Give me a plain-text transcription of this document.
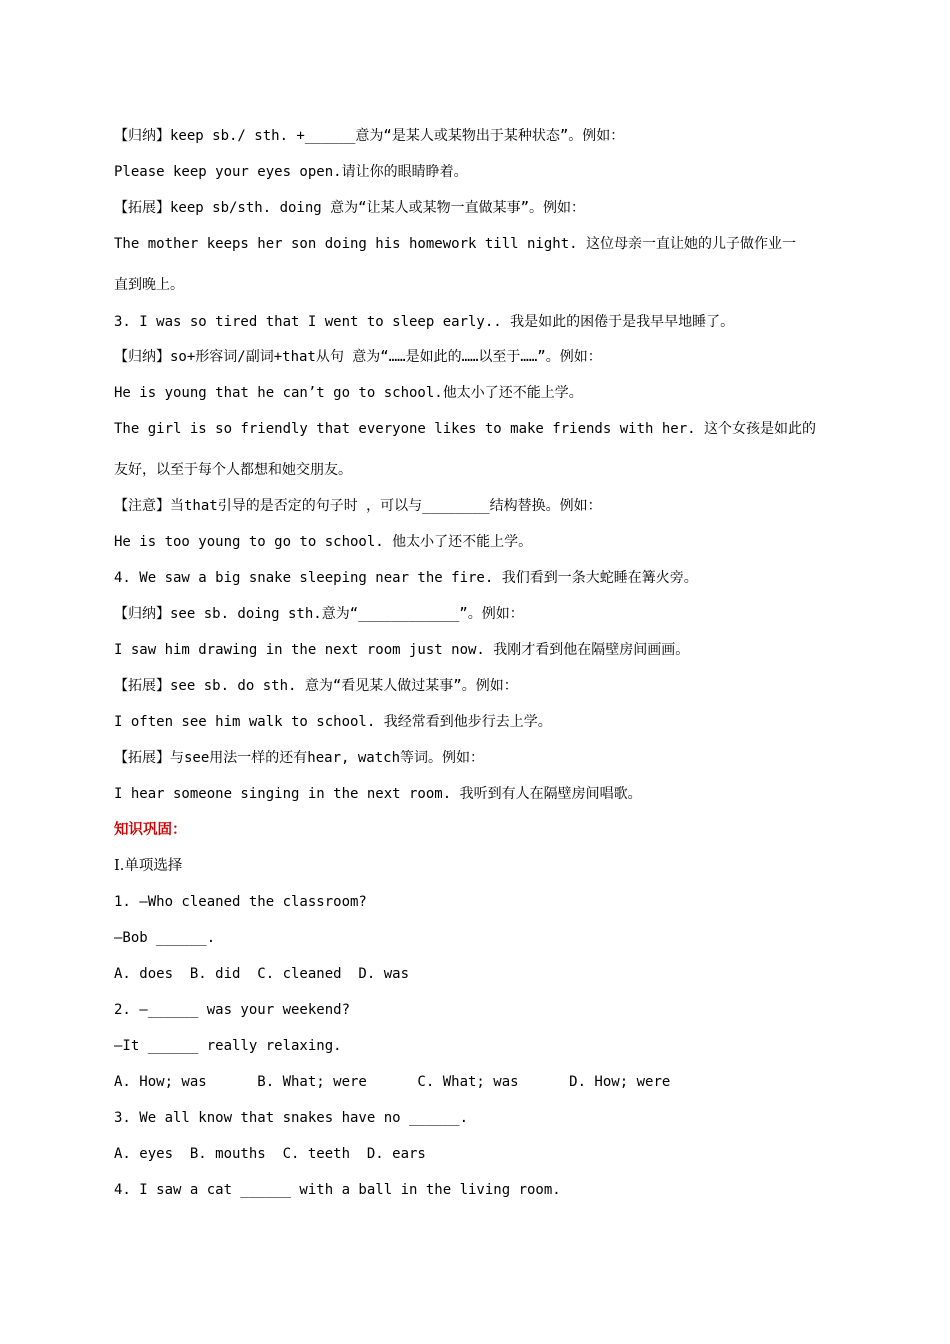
【归纳】keep sb./ sth. +______意为“是某人或某物出于某种状态”。例如：
Please keep your eyes open.请让你的眼睛睁着。
【拓展】keep sb/sth. doing 意为“让某人或某物一直做某事”。例如：
The mother keeps her son doing his homework till night. 这位母亲一直让她的儿子做作业一
直到晚上。
3. I was so tired that I went to sleep early.. 我是如此的困倦于是我早早地睡了。
【归纳】so+形容词/副词+that从句 意为“……是如此的……以至于……”。例如：
He is young that he can’t go to school.他太小了还不能上学。
The girl is so friendly that everyone likes to make friends with her. 这个女孩是如此的
友好，以至于每个人都想和她交朋友。
【注意】当that引导的是否定的句子时 ，可以与________结构替换。例如：
He is too young to go to school. 他太小了还不能上学。
4. We saw a big snake sleeping near the fire. 我们看到一条大蛇睡在篝火旁。
【归纳】see sb. doing sth.意为“____________”。例如：
I saw him drawing in the next room just now. 我刚才看到他在隔壁房间画画。
【拓展】see sb. do sth. 意为“看见某人做过某事”。例如：
I often see him walk to school. 我经常看到他步行去上学。
【拓展】与see用法一样的还有hear, watch等词。例如：
I hear someone singing in the next room. 我听到有人在隔壁房间唱歌。
知识巩固：
Ⅰ.单项选择
1. —Who cleaned the classroom?
—Bob ______.
A. does  B. did  C. cleaned  D. was
2. —______ was your weekend?
—It ______ really relaxing.
A. How; was      B. What; were      C. What; was      D. How; were
3. We all know that snakes have no ______.
A. eyes  B. mouths  C. teeth  D. ears
4. I saw a cat ______ with a ball in the living room.
